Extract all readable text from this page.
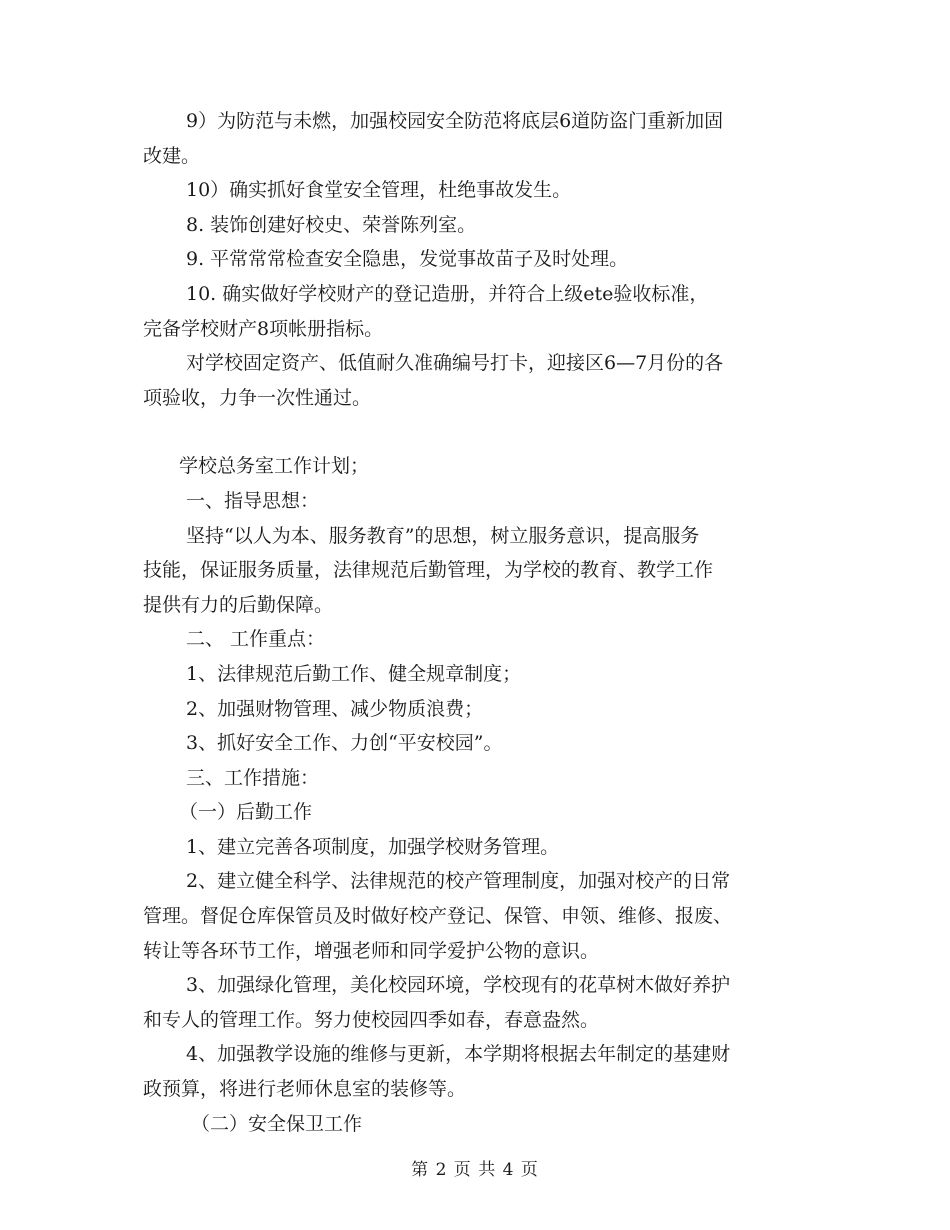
9）为防范与未燃，加强校园安全防范将底层6道防盗门重新加固
改建。

10）确实抓好食堂安全管理，杜绝事故发生。

8. 装饰创建好校史、荣誉陈列室。

9. 平常常常检查安全隐患，发觉事故苗子及时处理。

10. 确实做好学校财产的登记造册，并符合上级ete验收标准，
完备学校财产8项帐册指标。

对学校固定资产、低值耐久准确编号打卡，迎接区6—7月份的各
项验收，力争一次性通过。

学校总务室工作计划；

一、指导思想：

坚持“以人为本、服务教育”的思想，树立服务意识，提高服务
技能，保证服务质量，法律规范后勤管理，为学校的教育、教学工作
提供有力的后勤保障。

二、 工作重点：

1、法律规范后勤工作、健全规章制度；

2、加强财物管理、减少物质浪费；

3、抓好安全工作、力创“平安校园”。

三、工作措施：

（一）后勤工作

1、建立完善各项制度，加强学校财务管理。

2、建立健全科学、法律规范的校产管理制度，加强对校产的日常
管理。督促仓库保管员及时做好校产登记、保管、申领、维修、报废、
转让等各环节工作，增强老师和同学爱护公物的意识。

3、加强绿化管理，美化校园环境，学校现有的花草树木做好养护
和专人的管理工作。努力使校园四季如春，春意盎然。

4、加强教学设施的维修与更新，本学期将根据去年制定的基建财
政预算，将进行老师休息室的装修等。

（二）安全保卫工作

第 2 页 共 4 页
